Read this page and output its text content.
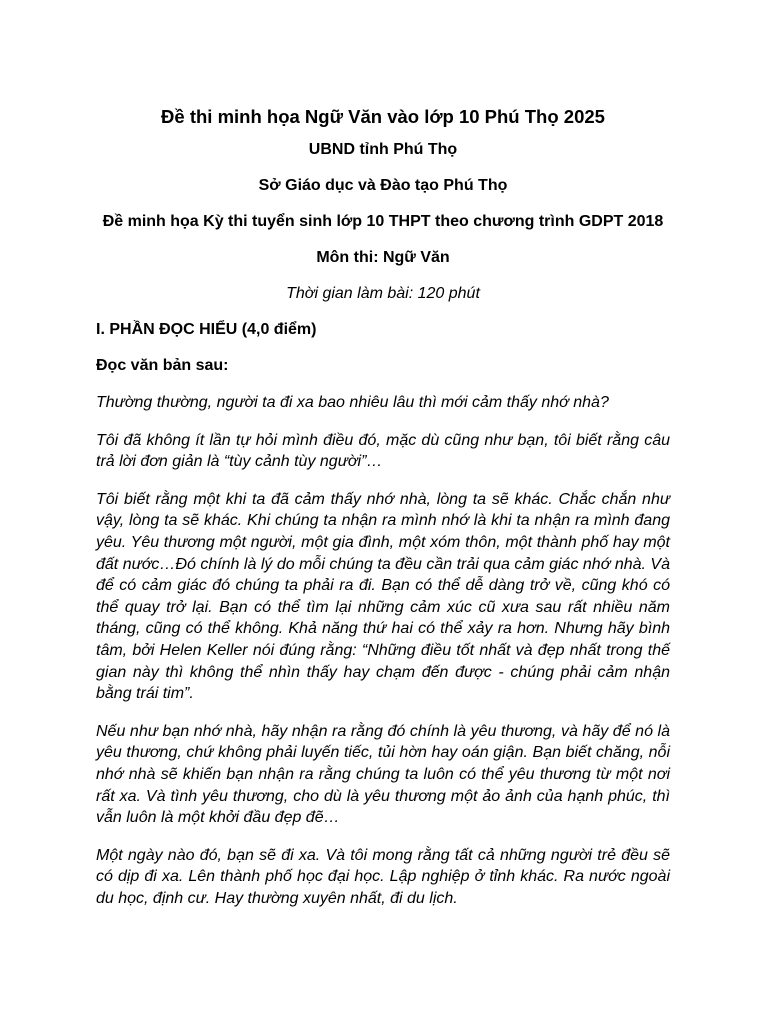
Đề thi minh họa Ngữ Văn vào lớp 10 Phú Thọ 2025
UBND tỉnh Phú Thọ
Sở Giáo dục và Đào tạo Phú Thọ
Đề minh họa Kỳ thi tuyển sinh lớp 10 THPT theo chương trình GDPT 2018
Môn thi: Ngữ Văn
Thời gian làm bài: 120 phút
I. PHẦN ĐỌC HIỂU (4,0 điểm)
Đọc văn bản sau:

Thường thường, người ta đi xa bao nhiêu lâu thì mới cảm thấy nhớ nhà?

Tôi đã không ít lần tự hỏi mình điều đó, mặc dù cũng như bạn, tôi biết rằng câu trả lời đơn giản là “tùy cảnh tùy người”…

Tôi biết rằng một khi ta đã cảm thấy nhớ nhà, lòng ta sẽ khác. Chắc chắn như vậy, lòng ta sẽ khác. Khi chúng ta nhận ra mình nhớ là khi ta nhận ra mình đang yêu. Yêu thương một người, một gia đình, một xóm thôn, một thành phố hay một đất nước…Đó chính là lý do mỗi chúng ta đều cần trải qua cảm giác nhớ nhà. Và để có cảm giác đó chúng ta phải ra đi. Bạn có thể dễ dàng trở về, cũng khó có thể quay trở lại. Bạn có thể tìm lại những cảm xúc cũ xưa sau rất nhiều năm tháng, cũng có thể không. Khả năng thứ hai có thể xảy ra hơn. Nhưng hãy bình tâm, bởi Helen Keller nói đúng rằng: “Những điều tốt nhất và đẹp nhất trong thế gian này thì không thể nhìn thấy hay chạm đến được - chúng phải cảm nhận bằng trái tim”.

Nếu như bạn nhớ nhà, hãy nhận ra rằng đó chính là yêu thương, và hãy để nó là yêu thương, chứ không phải luyến tiếc, tủi hờn hay oán giận. Bạn biết chăng, nỗi nhớ nhà sẽ khiến bạn nhận ra rằng chúng ta luôn có thể yêu thương từ một nơi rất xa. Và tình yêu thương, cho dù là yêu thương một ảo ảnh của hạnh phúc, thì vẫn luôn là một khởi đầu đẹp đẽ…

Một ngày nào đó, bạn sẽ đi xa. Và tôi mong rằng tất cả những người trẻ đều sẽ có dịp đi xa. Lên thành phố học đại học. Lập nghiệp ở tỉnh khác. Ra nước ngoài du học, định cư. Hay thường xuyên nhất, đi du lịch.
